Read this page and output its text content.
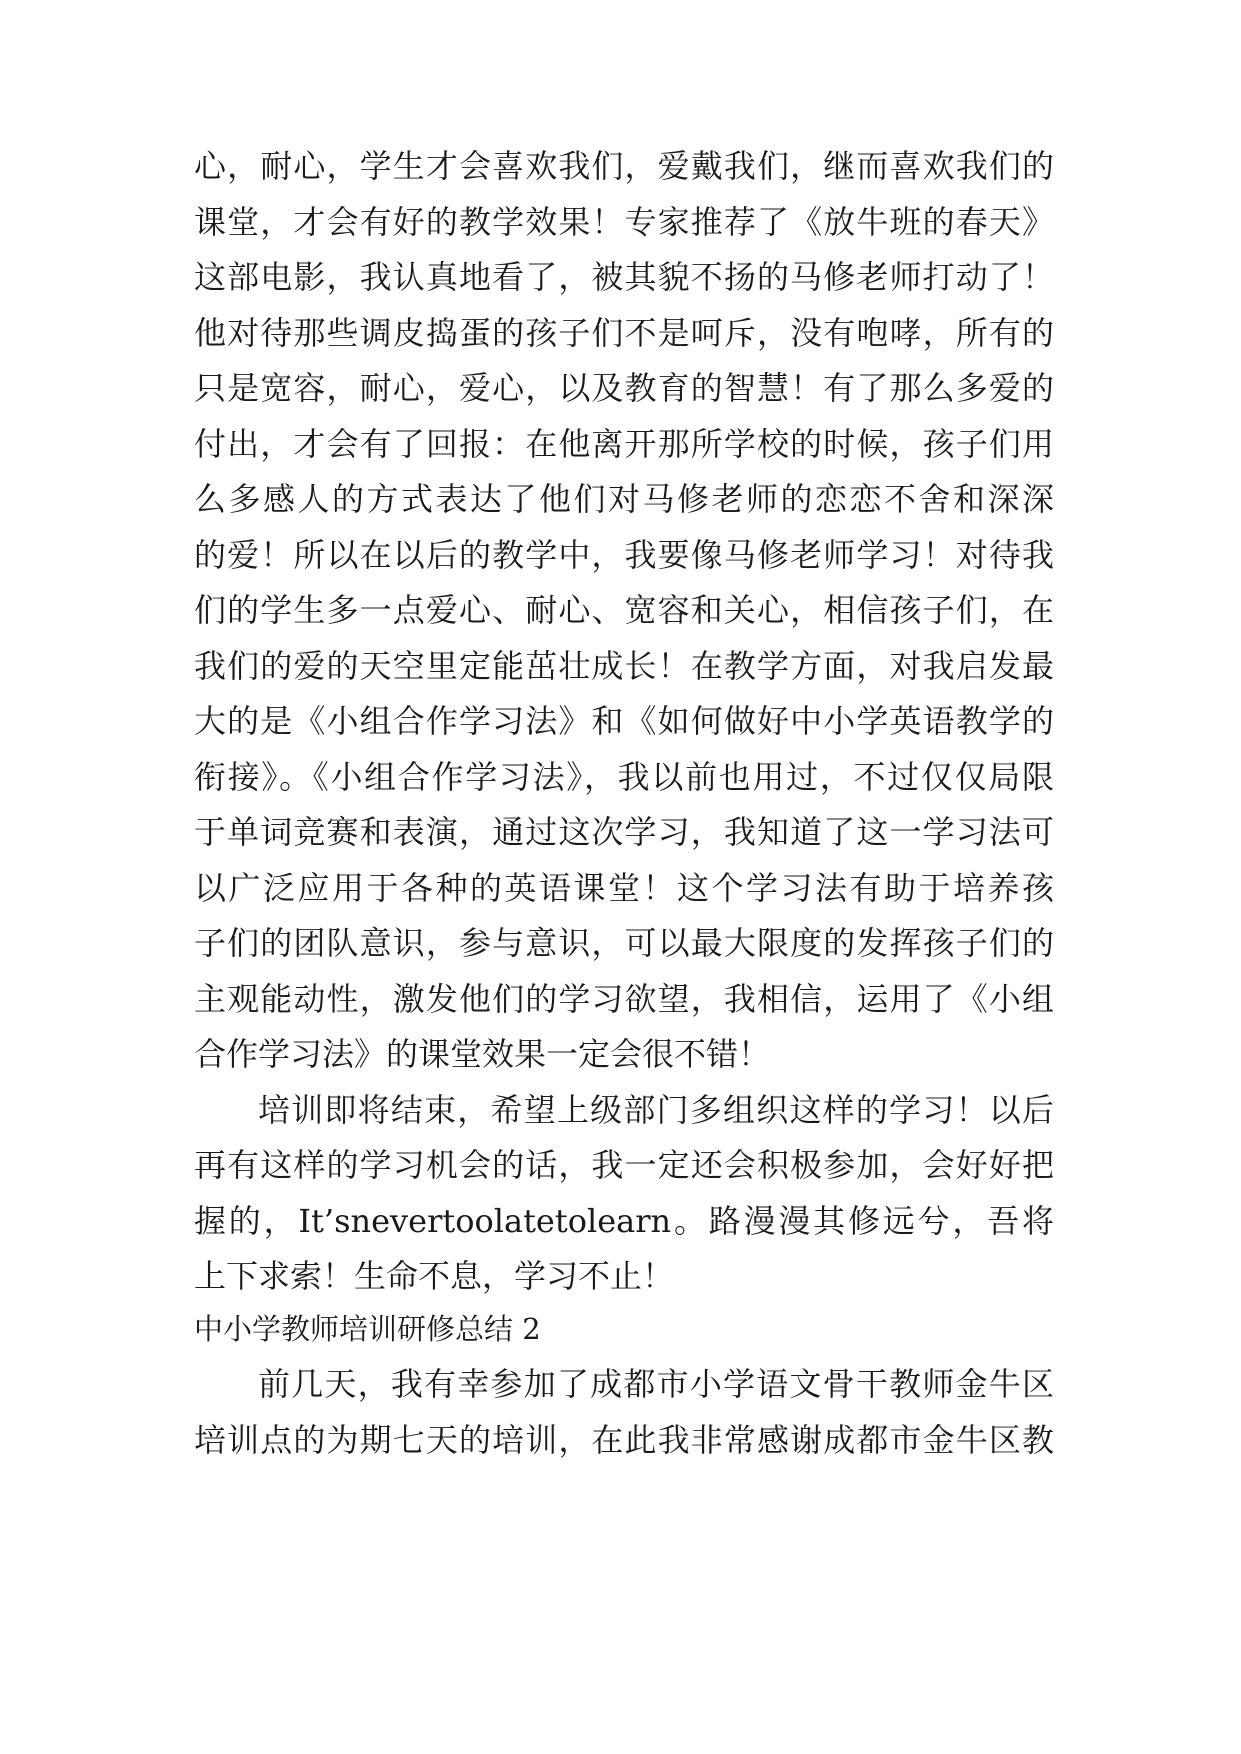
心，耐心，学生才会喜欢我们，爱戴我们，继而喜欢我们的
课堂，才会有好的教学效果！专家推荐了《放牛班的春天》
这部电影，我认真地看了，被其貌不扬的马修老师打动了！
他对待那些调皮捣蛋的孩子们不是呵斥，没有咆哮，所有的
只是宽容，耐心，爱心，以及教育的智慧！有了那么多爱的
付出，才会有了回报：在他离开那所学校的时候，孩子们用
么多感人的方式表达了他们对马修老师的恋恋不舍和深深
的爱！所以在以后的教学中，我要像马修老师学习！对待我
们的学生多一点爱心、耐心、宽容和关心，相信孩子们，在
我们的爱的天空里定能茁壮成长！在教学方面，对我启发最
大的是《小组合作学习法》和《如何做好中小学英语教学的
衔接》。《小组合作学习法》，我以前也用过，不过仅仅局限
于单词竞赛和表演，通过这次学习，我知道了这一学习法可
以广泛应用于各种的英语课堂！这个学习法有助于培养孩
子们的团队意识，参与意识，可以最大限度的发挥孩子们的
主观能动性，激发他们的学习欲望，我相信，运用了《小组
合作学习法》的课堂效果一定会很不错！
培训即将结束，希望上级部门多组织这样的学习！以后
再有这样的学习机会的话，我一定还会积极参加，会好好把
握的，It’snevertoolatetolearn。路漫漫其修远兮，吾将
上下求索！生命不息，学习不止！
中小学教师培训研修总结 2
前几天，我有幸参加了成都市小学语文骨干教师金牛区
培训点的为期七天的培训，在此我非常感谢成都市金牛区教
